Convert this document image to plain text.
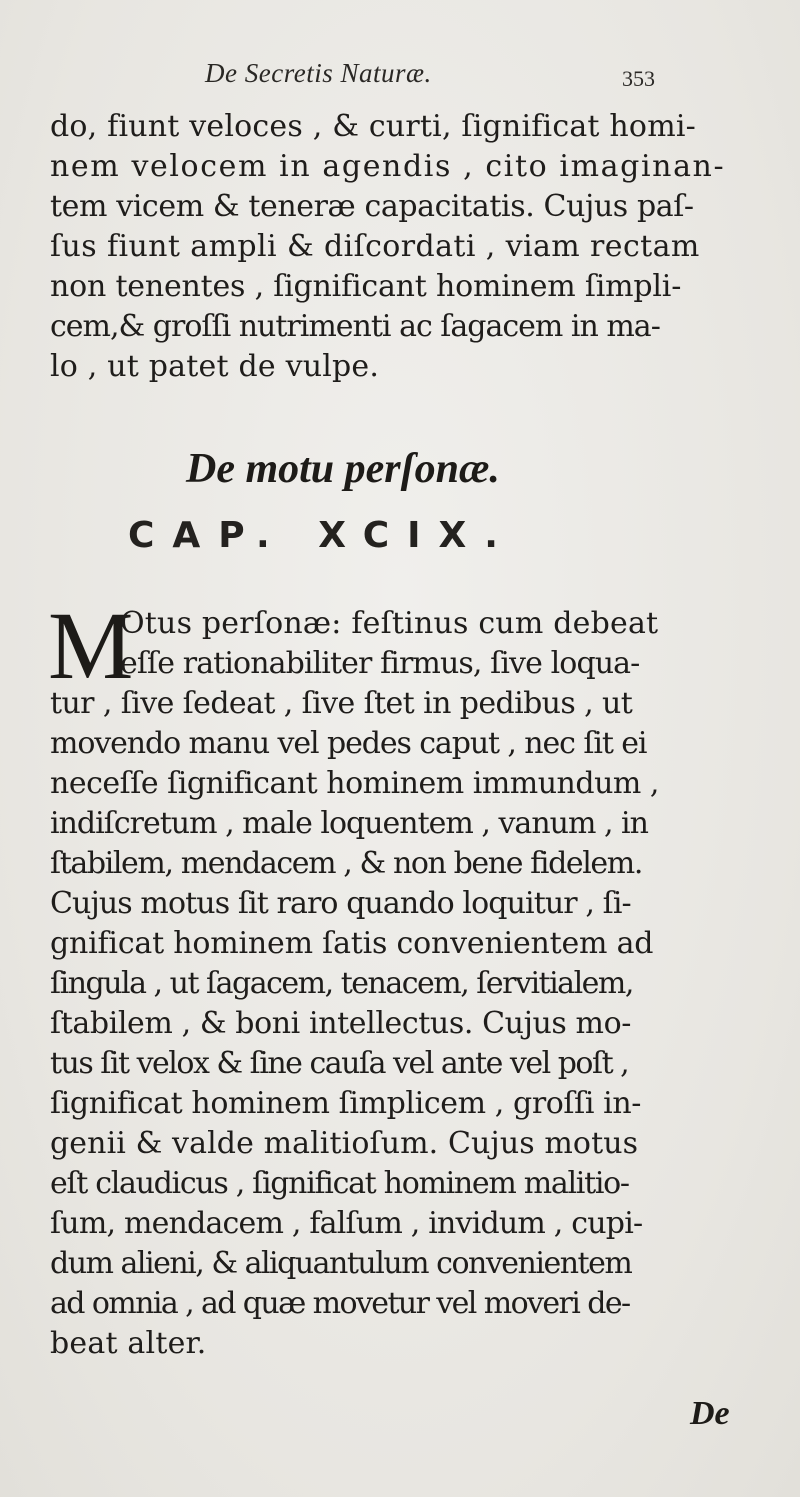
De Secretis Naturæ.	353
do, fiunt veloces , & curti, ſignificat homi-
nem velocem in agendis , cito imaginan-
tem vicem & teneræ capacitatis. Cujus paſ-
ſus fiunt ampli & diſcordati , viam rectam
non tenentes , ſignificant hominem ſimpli-
cem,& groſſi nutrimenti ac ſagacem in ma-
lo , ut patet de vulpe.
De motu perſonæ.
CAP. XCIX.
M
Otus perſonæ: feſtinus cum debeat
eſſe rationabiliter firmus, ſive loqua-
tur , ſive ſedeat , ſive ſtet in pedibus , ut
movendo manu vel pedes caput , nec ſit ei
neceſſe ſignificant hominem immundum ,
indiſcretum , male loquentem , vanum , in
ſtabilem, mendacem , & non bene fidelem.
Cujus motus ſit raro quando loquitur , ſi-
gnificat hominem ſatis convenientem ad
ſingula , ut ſagacem, tenacem, ſervitialem,
ſtabilem , & boni intellectus. Cujus mo-
tus ſit velox & ſine cauſa vel ante vel poſt ,
ſignificat hominem ſimplicem , groſſi in-
genii & valde malitioſum. Cujus motus
eſt claudicus , ſignificat hominem malitio-
ſum, mendacem , falſum , invidum , cupi-
dum alieni, & aliquantulum convenientem
ad omnia , ad quæ movetur vel moveri de-
beat alter.
De
